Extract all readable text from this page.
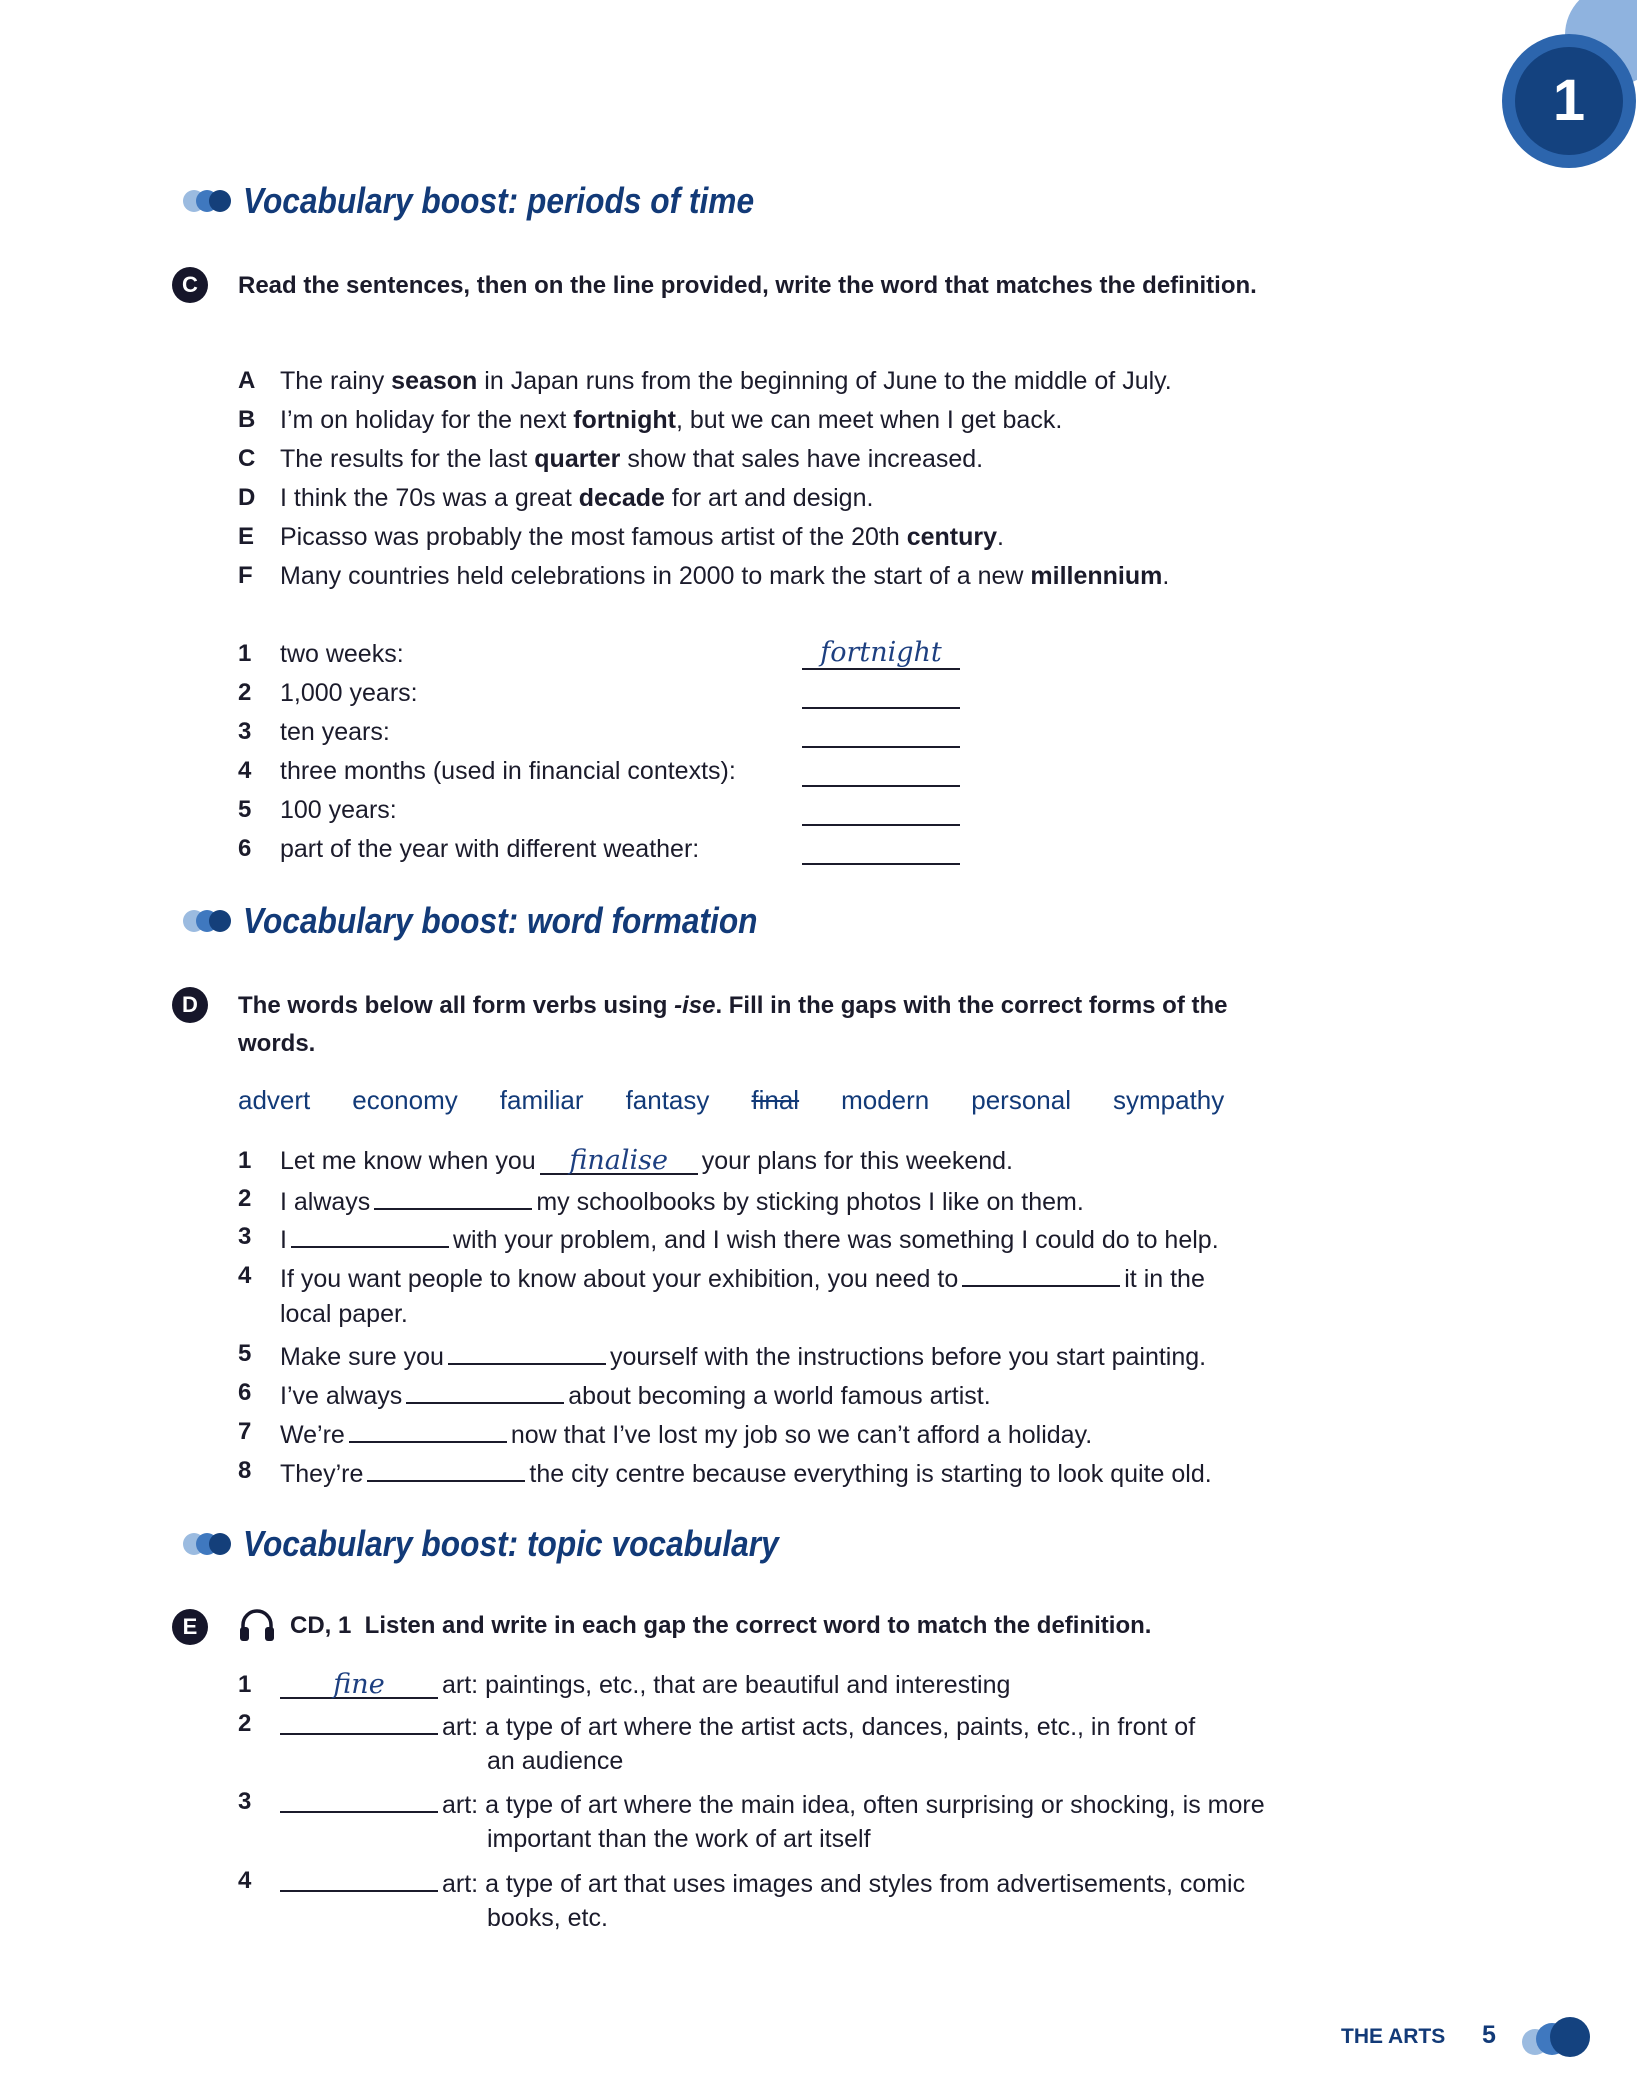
1
Vocabulary boost: periods of time
C	Read the sentences, then on the line provided, write the word that matches the definition.
A The rainy season in Japan runs from the beginning of June to the middle of July.
B I’m on holiday for the next fortnight, but we can meet when I get back.
C The results for the last quarter show that sales have increased.
D I think the 70s was a great decade for art and design.
E Picasso was probably the most famous artist of the 20th century.
F Many countries held celebrations in 2000 to mark the start of a new millennium.
1 two weeks:	fortnight
2 1,000 years:
3 ten years:
4 three months (used in financial contexts):
5 100 years:
6 part of the year with different weather:
Vocabulary boost: word formation
D	The words below all form verbs using -ise. Fill in the gaps with the correct forms of the words.
advert economy familiar fantasy final modern personal sympathy
1 Let me know when you	finalise	your plans for this weekend.
2 I always	my schoolbooks by sticking photos I like on them.
3 I	with your problem, and I wish there was something I could do to help.
4 If you want people to know about your exhibition, you need to	it in the
local paper.
5 Make sure you	yourself with the instructions before you start painting.
6 I’ve always	about becoming a world famous artist.
7 We’re	now that I’ve lost my job so we can’t afford a holiday.
8 They’re	the city centre because everything is starting to look quite old.
Vocabulary boost: topic vocabulary
E	CD, 1  Listen and write in each gap the correct word to match the definition.
1	fine	art: paintings, etc., that are beautiful and interesting
2	art: a type of art where the artist acts, dances, paints, etc., in front of
an audience
3	art: a type of art where the main idea, often surprising or shocking, is more
important than the work of art itself
4	art: a type of art that uses images and styles from advertisements, comic
books, etc.
THE ARTS 5
